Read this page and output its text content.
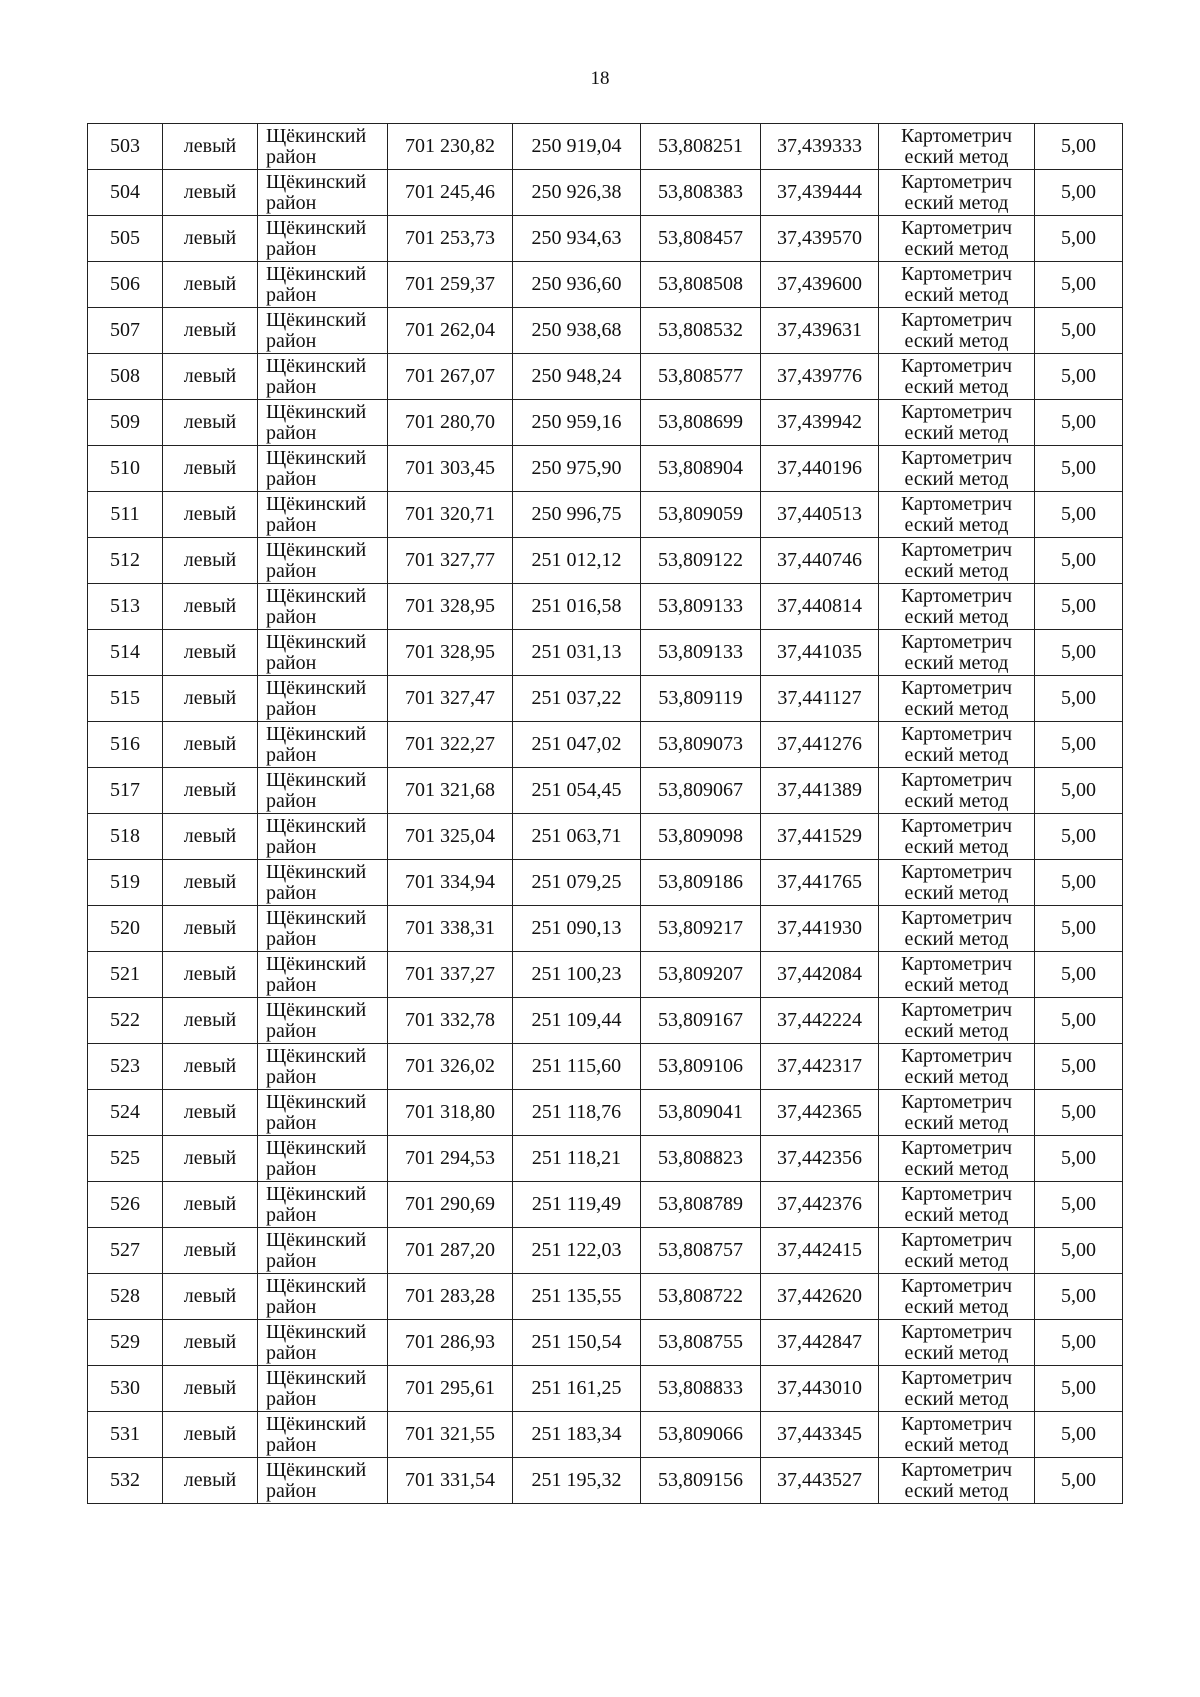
18
503	левый	Щёкинский район	701 230,82	250 919,04	53,808251	37,439333	Картометрич еский метод	5,00
504	левый	Щёкинский район	701 245,46	250 926,38	53,808383	37,439444	Картометрич еский метод	5,00
505	левый	Щёкинский район	701 253,73	250 934,63	53,808457	37,439570	Картометрич еский метод	5,00
506	левый	Щёкинский район	701 259,37	250 936,60	53,808508	37,439600	Картометрич еский метод	5,00
507	левый	Щёкинский район	701 262,04	250 938,68	53,808532	37,439631	Картометрич еский метод	5,00
508	левый	Щёкинский район	701 267,07	250 948,24	53,808577	37,439776	Картометрич еский метод	5,00
509	левый	Щёкинский район	701 280,70	250 959,16	53,808699	37,439942	Картометрич еский метод	5,00
510	левый	Щёкинский район	701 303,45	250 975,90	53,808904	37,440196	Картометрич еский метод	5,00
511	левый	Щёкинский район	701 320,71	250 996,75	53,809059	37,440513	Картометрич еский метод	5,00
512	левый	Щёкинский район	701 327,77	251 012,12	53,809122	37,440746	Картометрич еский метод	5,00
513	левый	Щёкинский район	701 328,95	251 016,58	53,809133	37,440814	Картометрич еский метод	5,00
514	левый	Щёкинский район	701 328,95	251 031,13	53,809133	37,441035	Картометрич еский метод	5,00
515	левый	Щёкинский район	701 327,47	251 037,22	53,809119	37,441127	Картометрич еский метод	5,00
516	левый	Щёкинский район	701 322,27	251 047,02	53,809073	37,441276	Картометрич еский метод	5,00
517	левый	Щёкинский район	701 321,68	251 054,45	53,809067	37,441389	Картометрич еский метод	5,00
518	левый	Щёкинский район	701 325,04	251 063,71	53,809098	37,441529	Картометрич еский метод	5,00
519	левый	Щёкинский район	701 334,94	251 079,25	53,809186	37,441765	Картометрич еский метод	5,00
520	левый	Щёкинский район	701 338,31	251 090,13	53,809217	37,441930	Картометрич еский метод	5,00
521	левый	Щёкинский район	701 337,27	251 100,23	53,809207	37,442084	Картометрич еский метод	5,00
522	левый	Щёкинский район	701 332,78	251 109,44	53,809167	37,442224	Картометрич еский метод	5,00
523	левый	Щёкинский район	701 326,02	251 115,60	53,809106	37,442317	Картометрич еский метод	5,00
524	левый	Щёкинский район	701 318,80	251 118,76	53,809041	37,442365	Картометрич еский метод	5,00
525	левый	Щёкинский район	701 294,53	251 118,21	53,808823	37,442356	Картометрич еский метод	5,00
526	левый	Щёкинский район	701 290,69	251 119,49	53,808789	37,442376	Картометрич еский метод	5,00
527	левый	Щёкинский район	701 287,20	251 122,03	53,808757	37,442415	Картометрич еский метод	5,00
528	левый	Щёкинский район	701 283,28	251 135,55	53,808722	37,442620	Картометрич еский метод	5,00
529	левый	Щёкинский район	701 286,93	251 150,54	53,808755	37,442847	Картометрич еский метод	5,00
530	левый	Щёкинский район	701 295,61	251 161,25	53,808833	37,443010	Картометрич еский метод	5,00
531	левый	Щёкинский район	701 321,55	251 183,34	53,809066	37,443345	Картометрич еский метод	5,00
532	левый	Щёкинский район	701 331,54	251 195,32	53,809156	37,443527	Картометрич еский метод	5,00
